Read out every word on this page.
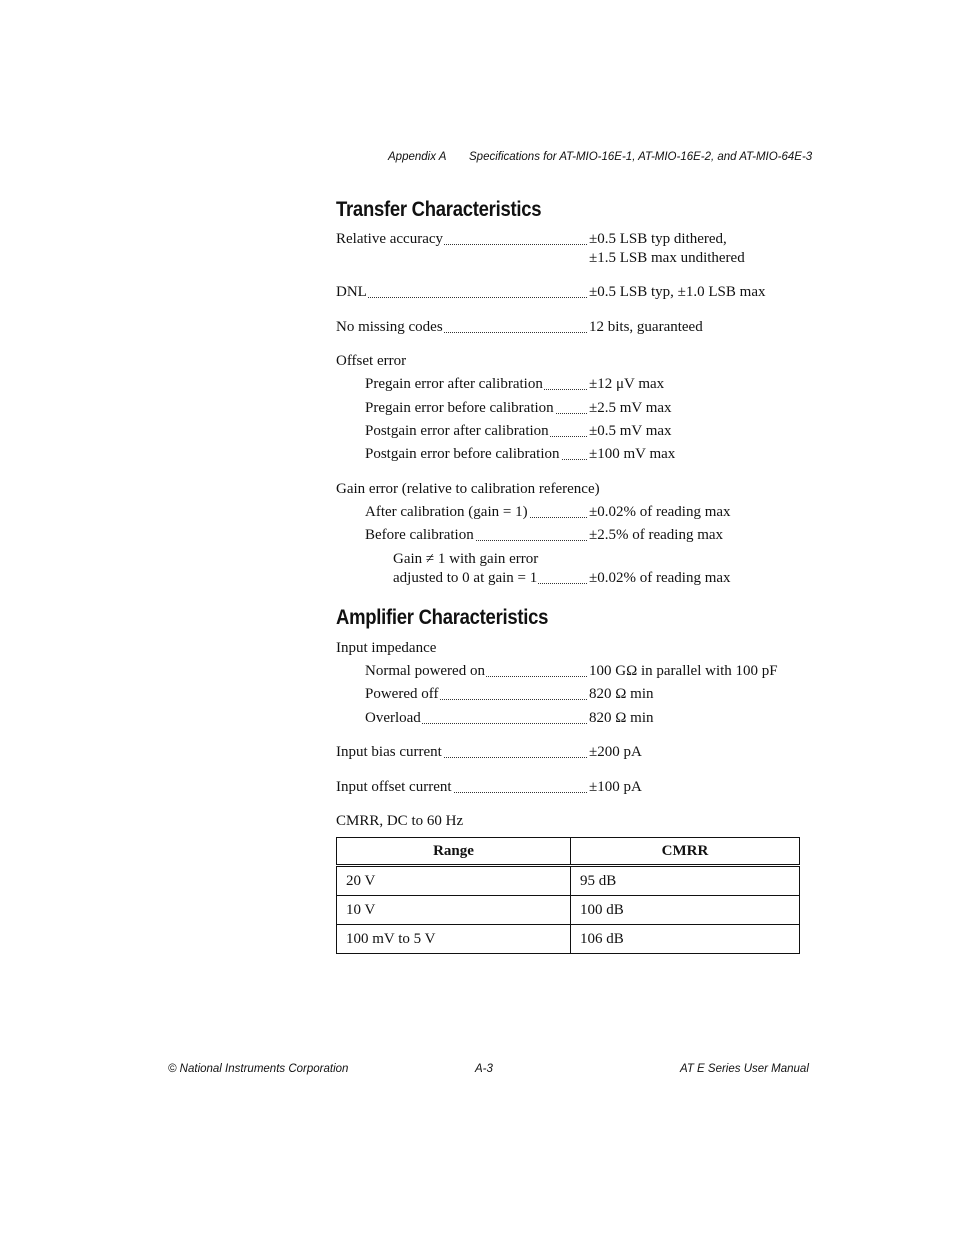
Appendix A Specifications for AT-MIO-16E-1, AT-MIO-16E-2, and AT-MIO-64E-3
Transfer Characteristics
Relative accuracy	±0.5 LSB typ dithered,
±1.5 LSB max undithered
DNL	±0.5 LSB typ, ±1.0 LSB max
No missing codes	12 bits, guaranteed
Offset error
Pregain error after calibration	±12 μV max
Pregain error before calibration	±2.5 mV max
Postgain error after calibration	±0.5 mV max
Postgain error before calibration	±100 mV max
Gain error (relative to calibration reference)
After calibration (gain = 1)	±0.02% of reading max
Before calibration	±2.5% of reading max
Gain ≠ 1 with gain error
adjusted to 0 at gain = 1	±0.02% of reading max
Amplifier Characteristics
Input impedance
Normal powered on	100 GΩ in parallel with 100 pF
Powered off	820 Ω min
Overload	820 Ω min
Input bias current	±200 pA
Input offset current	±100 pA
CMRR, DC to 60 Hz
Range	CMRR
20 V	95 dB
10 V	100 dB
100 mV to 5 V	106 dB
© National Instruments Corporation	A-3	AT E Series User Manual
